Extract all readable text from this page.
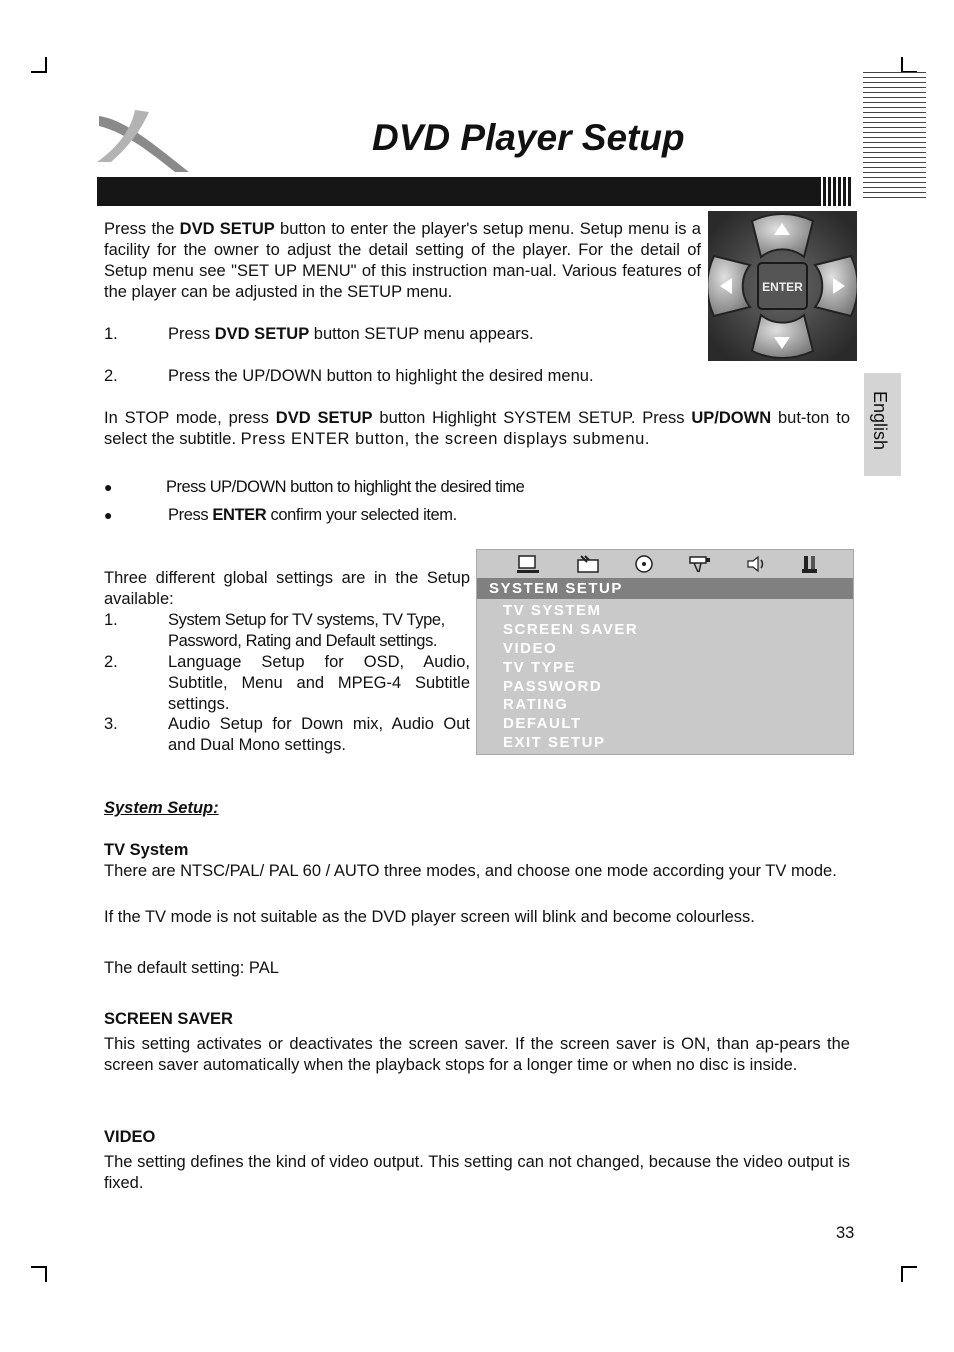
DVD Player Setup
English
Press the DVD SETUP button to enter the player's setup menu. Setup menu is a facility for the owner to adjust the detail setting of the player. For the detail of Setup menu see "SET UP MENU" of this instruction man-ual. Various features of the player can be adjusted in the SETUP menu.	ENTER
1.	Press DVD SETUP button SETUP menu appears.
2.	Press the UP/DOWN button to highlight the desired menu.
In STOP mode, press DVD SETUP button Highlight SYSTEM SETUP. Press UP/DOWN but-ton to select the subtitle. Press ENTER button, the screen displays submenu.
●	Press UP/DOWN button to highlight the desired time
●	Press ENTER confirm your selected item.
Three different global settings are in the Setup available:
1.	System Setup for TV systems, TV Type, Password, Rating and Default settings.
2.	Language Setup for OSD, Audio, Subtitle, Menu and MPEG-4 Subtitle settings.
3.	Audio Setup for Down mix, Audio Out and Dual Mono settings.
SYSTEM SETUP
TV SYSTEM
SCREEN SAVER
VIDEO
TV TYPE
PASSWORD
RATING
DEFAULT
EXIT SETUP
System Setup:
TV System
There are NTSC/PAL/ PAL 60 / AUTO three modes, and choose one mode according your TV mode.
If the TV mode is not suitable as the DVD player screen will blink and become colourless.
The default setting: PAL
SCREEN SAVER
This setting activates or deactivates the screen saver. If the screen saver is ON, than ap-pears the screen saver automatically when the playback stops for a longer time or when no disc is inside.
VIDEO
The setting defines the kind of video output. This setting can not changed, because the video output is fixed.
33
